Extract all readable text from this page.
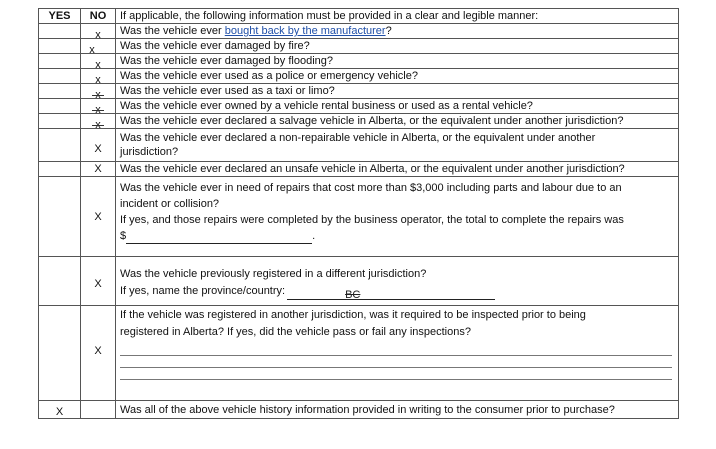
YES	NO	If applicable, the following information must be provided in a clear and legible manner:
	x	Was the vehicle ever bought back by the manufacturer?
	x	Was the vehicle ever damaged by fire?
	x	Was the vehicle ever damaged by flooding?
	x	Was the vehicle ever used as a police or emergency vehicle?
	x	Was the vehicle ever used as a taxi or limo?
	x	Was the vehicle ever owned by a vehicle rental business or used as a rental vehicle?
	x	Was the vehicle ever declared a salvage vehicle in Alberta, or the equivalent under another jurisdiction?
	X	Was the vehicle ever declared a non-repairable vehicle in Alberta, or the equivalent under another
jurisdiction?

	X	Was the vehicle ever declared an unsafe vehicle in Alberta, or the equivalent under another jurisdiction?
	X	Was the vehicle ever in need of repairs that cost more than $3,000 including parts and labour due to an
incident or collision?
If yes, and those repairs were completed by the business operator, the total to complete the repairs was
$ .

	X	Was the vehicle previously registered in a different jurisdiction?
If yes, name the province/country: BC

	X	If the vehicle was registered in another jurisdiction, was it required to be inspected prior to being
registered in Alberta? If yes, did the vehicle pass or fail any inspections?

X		Was all of the above vehicle history information provided in writing to the consumer prior to purchase?
